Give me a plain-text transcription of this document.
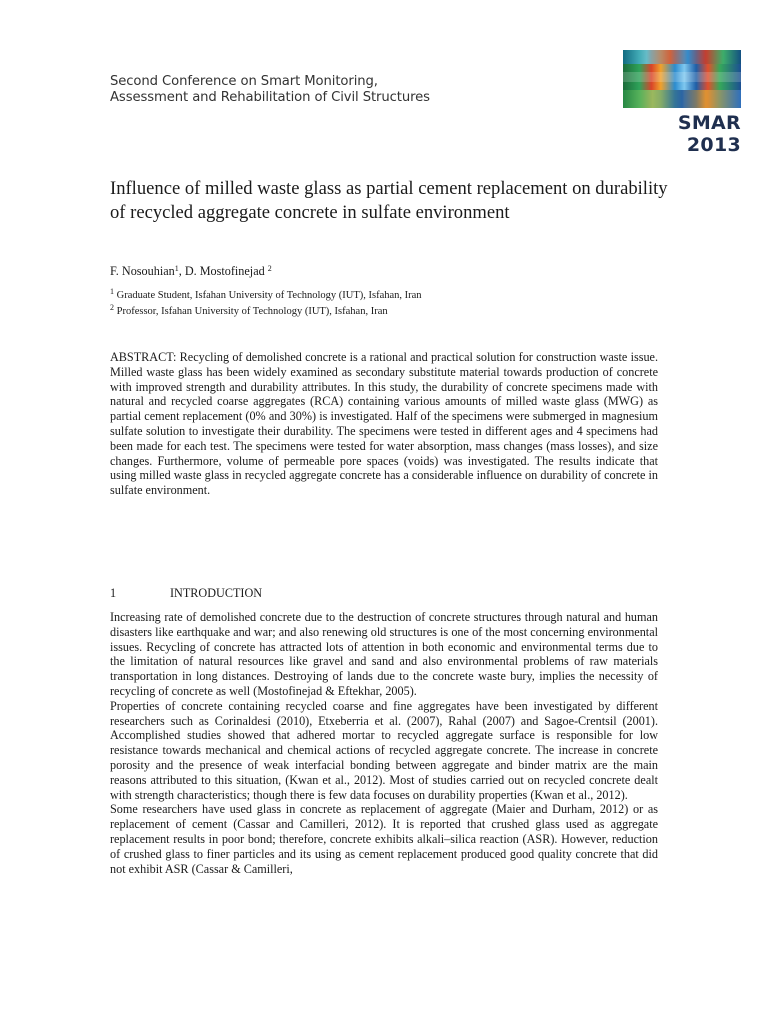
Second Conference on Smart Monitoring,
Assessment and Rehabilitation of Civil Structures
SMAR 2013
Influence of milled waste glass as partial cement replacement on durability of recycled aggregate concrete in sulfate environment
F. Nosouhian$^1$, D. Mostofinejad $^2$
$^1$ Graduate Student, Isfahan University of Technology (IUT), Isfahan, Iran
$^2$ Professor, Isfahan University of Technology (IUT), Isfahan, Iran

ABSTRACT: Recycling of demolished concrete is a rational and practical solution for construction waste issue. Milled waste glass has been widely examined as secondary substitute material towards production of concrete with improved strength and durability attributes. In this study, the durability of concrete specimens made with natural and recycled coarse aggregates (RCA) containing various amounts of milled waste glass (MWG) as partial cement replacement (0% and 30%) is investigated. Half of the specimens were submerged in magnesium sulfate solution to investigate their durability. The specimens were tested in different ages and 4 specimens had been made for each test. The specimens were tested for water absorption, mass changes (mass losses), and size changes. Furthermore, volume of permeable pore spaces (voids) was investigated. The results indicate that using milled waste glass in recycled aggregate concrete has a considerable influence on durability of concrete in sulfate environment.

1	INTRODUCTION
Increasing rate of demolished concrete due to the destruction of concrete structures through natural and human disasters like earthquake and war; and also renewing old structures is one of the most concerning environmental issues. Recycling of concrete has attracted lots of attention in both economic and environmental terms due to the limitation of natural resources like gravel and sand and also environmental problems of raw materials transportation in long distances. Destroying of lands due to the concrete waste bury, implies the necessity of recycling of concrete as well (Mostofinejad & Eftekhar, 2005).
Properties of concrete containing recycled coarse and fine aggregates have been investigated by different researchers such as Corinaldesi (2010), Etxeberria et al. (2007), Rahal (2007) and Sagoe-Crentsil (2001). Accomplished studies showed that adhered mortar to recycled aggregate surface is responsible for low resistance towards mechanical and chemical actions of recycled aggregate concrete. The increase in concrete porosity and the presence of weak interfacial bonding between aggregate and binder matrix are the main reasons attributed to this situation, (Kwan et al., 2012). Most of studies carried out on recycled concrete dealt with strength characteristics; though there is few data focuses on durability properties (Kwan et al., 2012).
Some researchers have used glass in concrete as replacement of aggregate (Maier and Durham, 2012) or as replacement of cement (Cassar and Camilleri, 2012). It is reported that crushed glass used as aggregate replacement results in poor bond; therefore, concrete exhibits alkali–silica reaction (ASR). However, reduction of crushed glass to finer particles and its using as cement replacement produced good quality concrete that did not exhibit ASR (Cassar & Camilleri,
